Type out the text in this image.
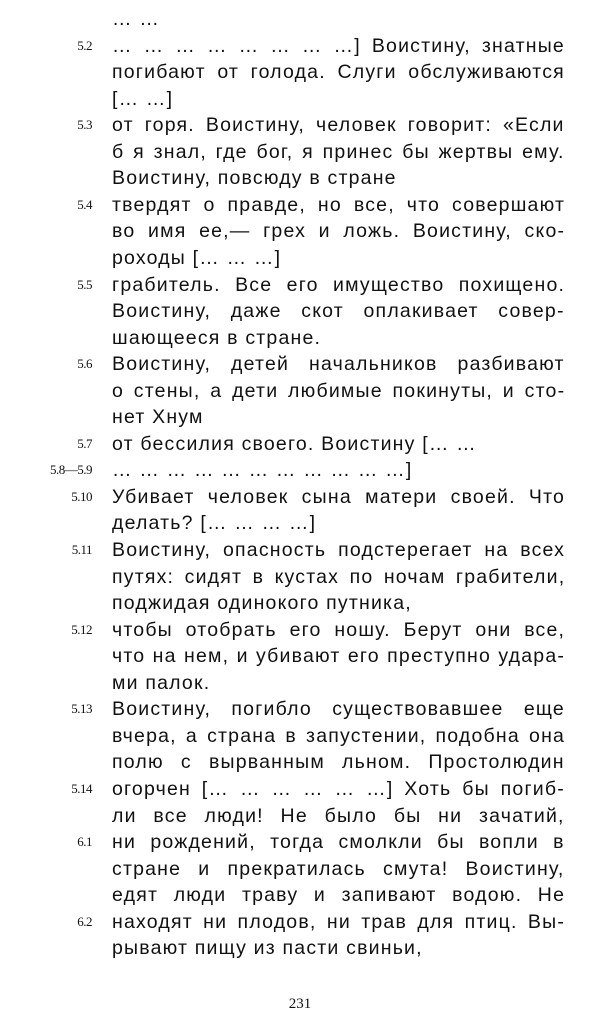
… …
5.2 … … … … … … … …] Воистину, знатные
погибают от голода. Слуги обслуживаются
[… …]
5.3 от горя. Воистину, человек говорит: «Если
б я знал, где бог, я принес бы жертвы ему.
Воистину, повсюду в стране
5.4 твердят о правде, но все, что совершают
во имя ее,— грех и ложь. Воистину, ско-
роходы [… … …]
5.5 грабитель. Все его имущество похищено.
Воистину, даже скот оплакивает совер-
шающееся в стране.
5.6 Воистину, детей начальников разбивают
о стены, а дети любимые покинуты, и сто-
нет Хнум
5.7 от бессилия своего. Воистину [… …
5.8—5.9 … … … … … … … … … … …]
5.10 Убивает человек сына матери своей. Что
делать? [… … … …]
5.11 Воистину, опасность подстерегает на всех
путях: сидят в кустах по ночам грабители,
поджидая одинокого путника,
5.12 чтобы отобрать его ношу. Берут они все,
что на нем, и убивают его преступно удара-
ми палок.
5.13 Воистину, погибло существовавшее еще
вчера, а страна в запустении, подобна она
полю с вырванным льном. Простолюдин
5.14 огорчен [… … … … … …] Хоть бы погиб-
ли все люди! Не было бы ни зачатий,
6.1 ни рождений, тогда смолкли бы вопли в
стране и прекратилась смута! Воистину,
едят люди траву и запивают водою. Не
6.2 находят ни плодов, ни трав для птиц. Вы-
рывают пищу из пасти свиньи,
231
